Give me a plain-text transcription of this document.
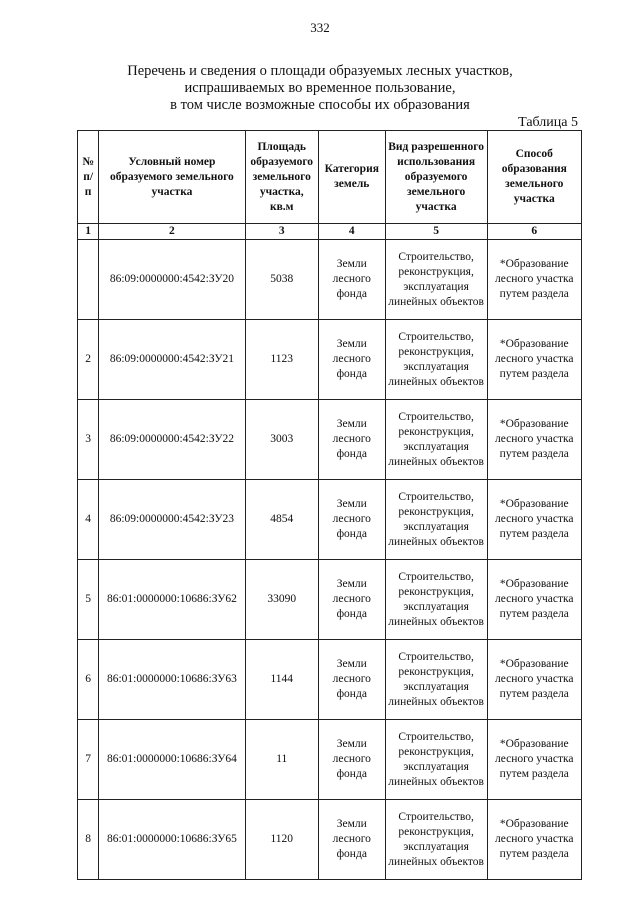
332
Перечень и сведения о площади образуемых лесных участков,
испрашиваемых во временное пользование,
в том числе возможные способы их образования
Таблица 5
№ п/п	Условный номер образуемого земельного участка	Площадь образуемого земельного участка, кв.м	Категория земель	Вид разрешенного использования образуемого земельного участка	Способ образования земельного участка
1	2	3	4	5	6
	86:09:0000000:4542:ЗУ20	5038	Земли лесного фонда	Строительство, реконструкция, эксплуатация линейных объектов	*Образование лесного участка путем раздела
2	86:09:0000000:4542:ЗУ21	1123	Земли лесного фонда	Строительство, реконструкция, эксплуатация линейных объектов	*Образование лесного участка путем раздела
3	86:09:0000000:4542:ЗУ22	3003	Земли лесного фонда	Строительство, реконструкция, эксплуатация линейных объектов	*Образование лесного участка путем раздела
4	86:09:0000000:4542:ЗУ23	4854	Земли лесного фонда	Строительство, реконструкция, эксплуатация линейных объектов	*Образование лесного участка путем раздела
5	86:01:0000000:10686:ЗУ62	33090	Земли лесного фонда	Строительство, реконструкция, эксплуатация линейных объектов	*Образование лесного участка путем раздела
6	86:01:0000000:10686:ЗУ63	1144	Земли лесного фонда	Строительство, реконструкция, эксплуатация линейных объектов	*Образование лесного участка путем раздела
7	86:01:0000000:10686:ЗУ64	11	Земли лесного фонда	Строительство, реконструкция, эксплуатация линейных объектов	*Образование лесного участка путем раздела
8	86:01:0000000:10686:ЗУ65	1120	Земли лесного фонда	Строительство, реконструкция, эксплуатация линейных объектов	*Образование лесного участка путем раздела
